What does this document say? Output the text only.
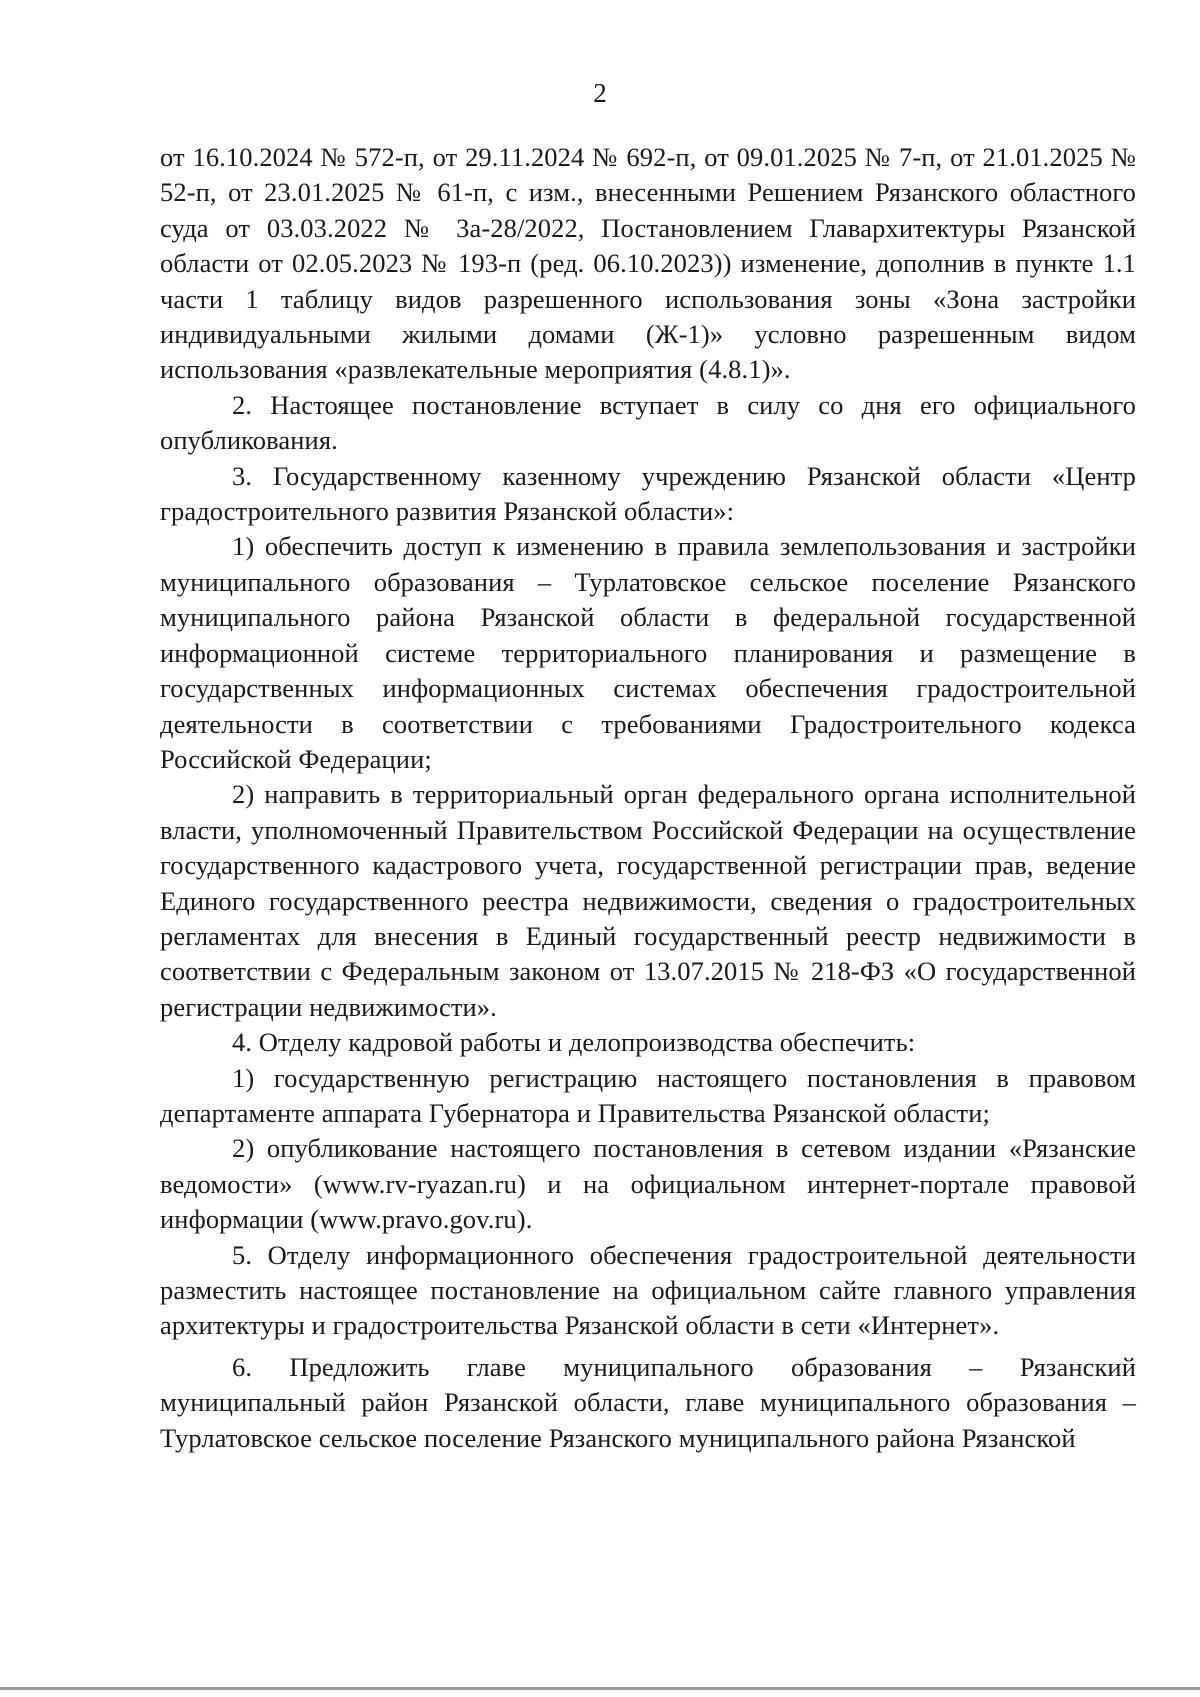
2

от 16.10.2024 № 572-п, от 29.11.2024 № 692-п, от 09.01.2025 № 7-п, от 21.01.2025 № 52-п, от 23.01.2025 № 61-п, с изм., внесенными Решением Рязанского областного суда от 03.03.2022 № 3а-28/2022, Постановлением Главархитектуры Рязанской области от 02.05.2023 № 193-п (ред. 06.10.2023)) изменение, дополнив в пункте 1.1 части 1 таблицу видов разрешенного использования зоны «Зона застройки индивидуальными жилыми домами (Ж-1)» условно разрешенным видом использования «развлекательные мероприятия (4.8.1)».

2. Настоящее постановление вступает в силу со дня его официального опубликования.

3. Государственному казенному учреждению Рязанской области «Центр градостроительного развития Рязанской области»:

1) обеспечить доступ к изменению в правила землепользования и застройки муниципального образования – Турлатовское сельское поселение Рязанского муниципального района Рязанской области в федеральной государственной информационной системе территориального планирования и размещение в государственных информационных системах обеспечения градостроительной деятельности в соответствии с требованиями Градостроительного кодекса Российской Федерации;

2) направить в территориальный орган федерального органа исполнительной власти, уполномоченный Правительством Российской Федерации на осуществление государственного кадастрового учета, государственной регистрации прав, ведение Единого государственного реестра недвижимости, сведения о градостроительных регламентах для внесения в Единый государственный реестр недвижимости в соответствии с Федеральным законом от 13.07.2015 № 218-ФЗ «О государственной регистрации недвижимости».

4. Отделу кадровой работы и делопроизводства обеспечить:

1) государственную регистрацию настоящего постановления в правовом департаменте аппарата Губернатора и Правительства Рязанской области;

2) опубликование настоящего постановления в сетевом издании «Рязанские ведомости» (www.rv-ryazan.ru) и на официальном интернет-портале правовой информации (www.pravo.gov.ru).

5. Отделу информационного обеспечения градостроительной деятельности разместить настоящее постановление на официальном сайте главного управления архитектуры и градостроительства Рязанской области в сети «Интернет».

6. Предложить главе муниципального образования – Рязанский муниципальный район Рязанской области, главе муниципального образования – Турлатовское сельское поселение Рязанского муниципального района Рязанской
